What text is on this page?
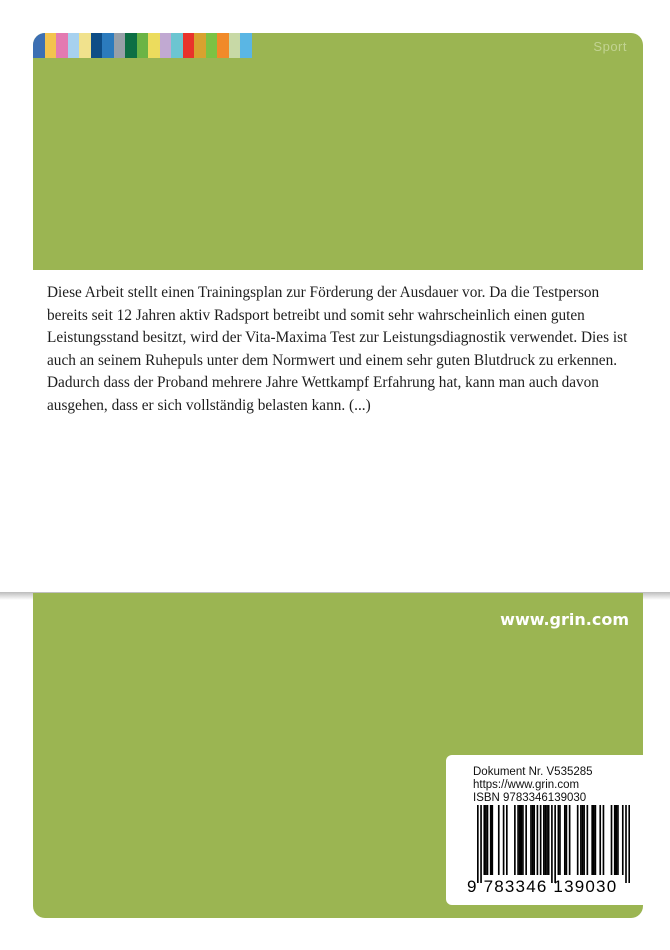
Sport

Diese Arbeit stellt einen Trainingsplan zur Förderung der Ausdauer vor. Da die Testperson bereits seit 12 Jahren aktiv Radsport betreibt und somit sehr wahrscheinlich einen guten Leistungsstand besitzt, wird der Vita-Maxima Test zur Leistungsdiagnostik verwendet. Dies ist auch an seinem Ruhepuls unter dem Normwert und einem sehr guten Blutdruck zu erkennen. Dadurch dass der Proband mehrere Jahre Wettkampf Erfahrung hat, kann man auch davon ausgehen, dass er sich vollständig belasten kann. (...)

www.grin.com

Dokument Nr. V535285

https://www.grin.com

ISBN 9783346139030

9 783346 139030
